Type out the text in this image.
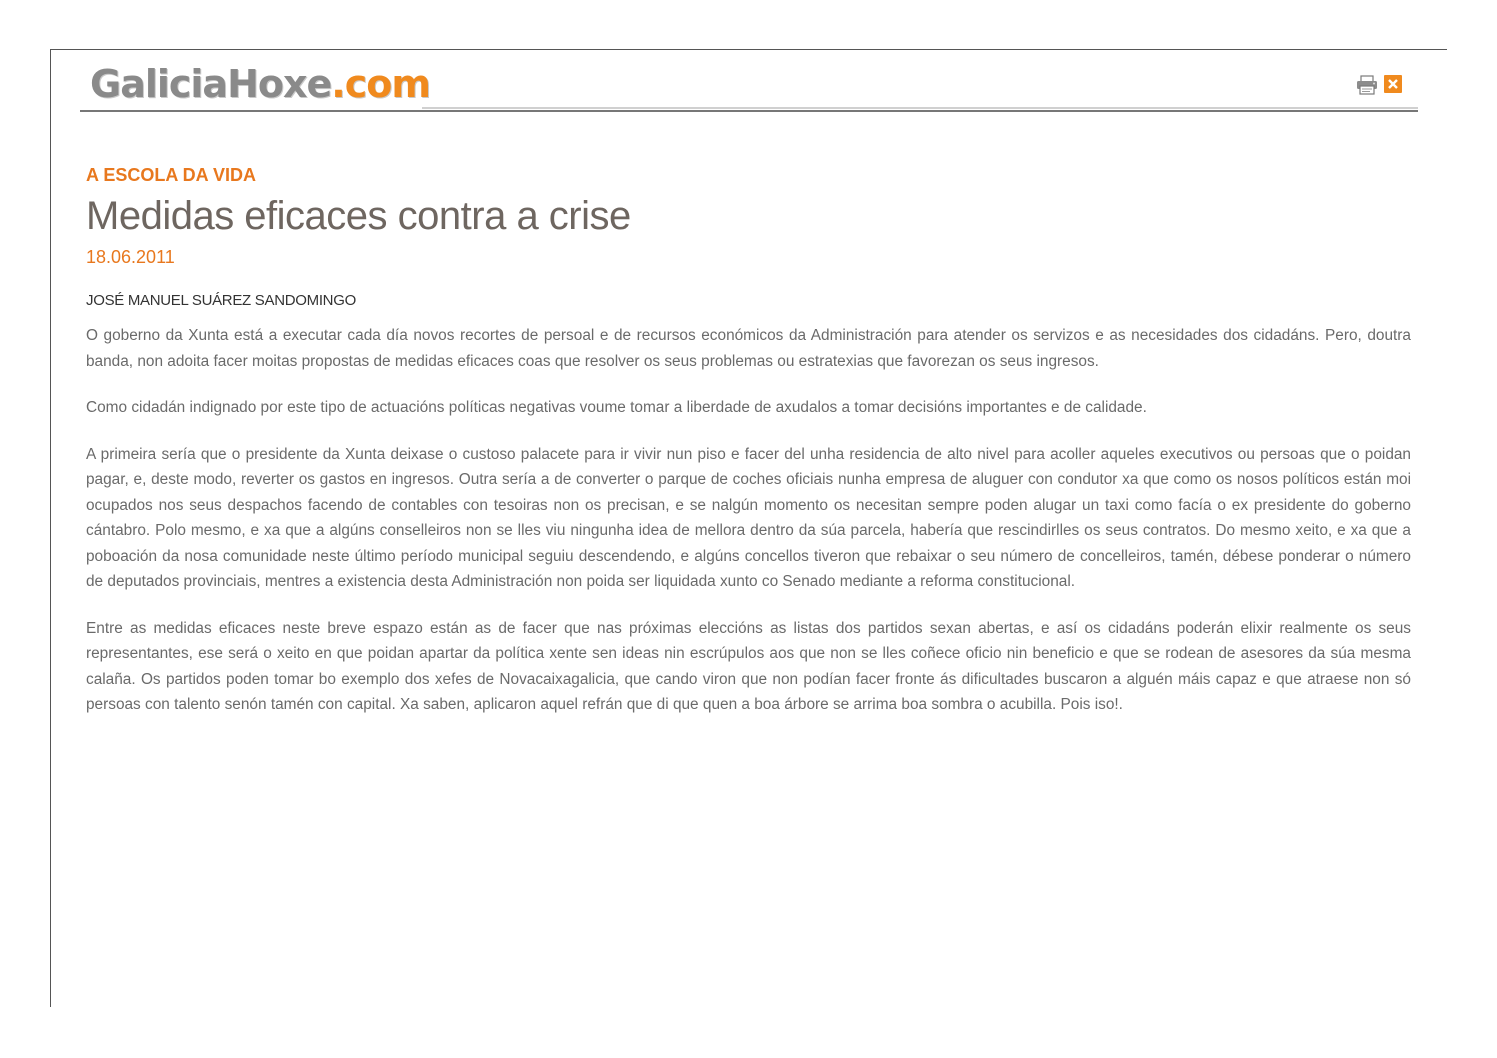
GaliciaHoxe.com
A ESCOLA DA VIDA
Medidas eficaces contra a crise
18.06.2011
JOSÉ MANUEL SUÁREZ SANDOMINGO

O goberno da Xunta está a executar cada día novos recortes de persoal e de recursos económicos da Administración para atender os servizos e as necesidades dos cidadáns. Pero, doutra banda, non adoita facer moitas propostas de medidas eficaces coas que resolver os seus problemas ou estratexias que favorezan os seus ingresos.

Como cidadán indignado por este tipo de actuacións políticas negativas voume tomar a liberdade de axudalos a tomar decisións importantes e de calidade.

A primeira sería que o presidente da Xunta deixase o custoso palacete para ir vivir nun piso e facer del unha residencia de alto nivel para acoller aqueles executivos ou persoas que o poidan pagar, e, deste modo, reverter os gastos en ingresos. Outra sería a de converter o parque de coches oficiais nunha empresa de aluguer con condutor xa que como os nosos políticos están moi ocupados nos seus despachos facendo de contables con tesoiras non os precisan, e se nalgún momento os necesitan sempre poden alugar un taxi como facía o ex presidente do goberno cántabro. Polo mesmo, e xa que a algúns conselleiros non se lles viu ningunha idea de mellora dentro da súa parcela, habería que rescindirlles os seus contratos. Do mesmo xeito, e xa que a poboación da nosa comunidade neste último período municipal seguiu descendendo, e algúns concellos tiveron que rebaixar o seu número de concelleiros, tamén, débese ponderar o número de deputados provinciais, mentres a existencia desta Administración non poida ser liquidada xunto co Senado mediante a reforma constitucional.

Entre as medidas eficaces neste breve espazo están as de facer que nas próximas eleccións as listas dos partidos sexan abertas, e así os cidadáns poderán elixir realmente os seus representantes, ese será o xeito en que poidan apartar da política xente sen ideas nin escrúpulos aos que non se lles coñece oficio nin beneficio e que se rodean de asesores da súa mesma calaña. Os partidos poden tomar bo exemplo dos xefes de Novacaixagalicia, que cando viron que non podían facer fronte ás dificultades buscaron a alguén máis capaz e que atraese non só persoas con talento senón tamén con capital. Xa saben, aplicaron aquel refrán que di que quen a boa árbore se arrima boa sombra o acubilla. Pois iso!.
